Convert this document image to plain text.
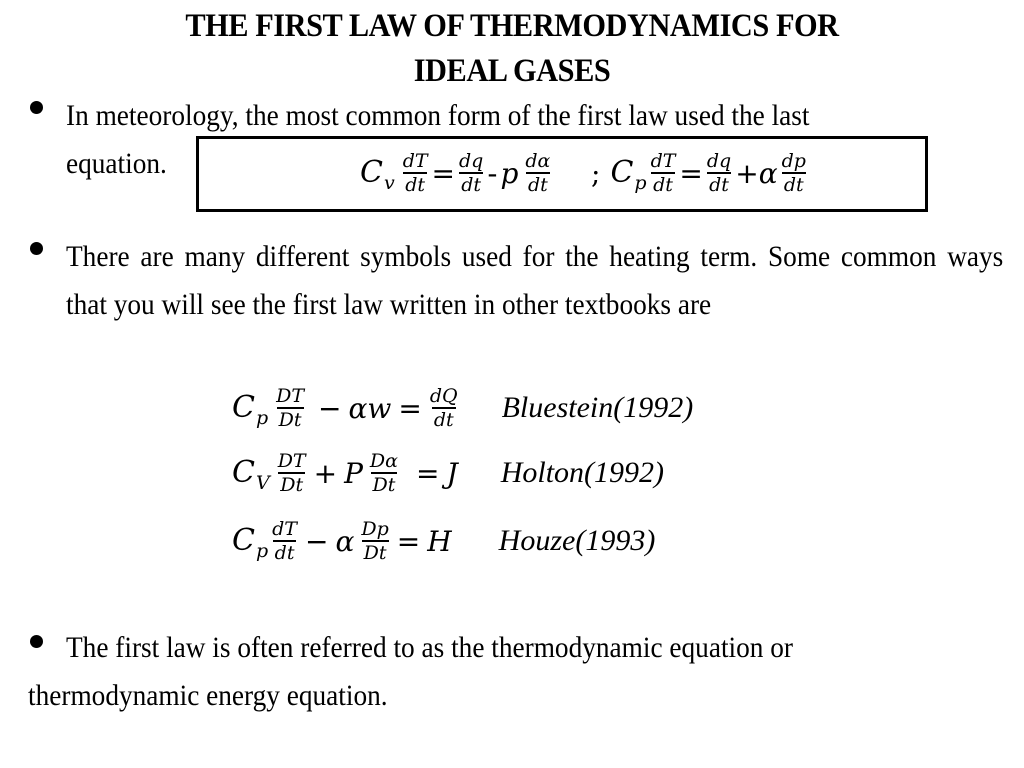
THE FIRST LAW OF THERMODYNAMICS FOR
IDEAL GASES
In meteorology, the most common form of the first law used the last
equation.	C v $\frac{dT}{dt} = \frac{dq}{dt} - p \frac{d\alpha}{dt}$ ; C p $\frac{dT}{dt} = \frac{dq}{dt} + \alpha \frac{dp}{dt}$
There are many different symbols used for the heating term. Some common ways that you will see the first law written in other textbooks are
C p $\frac{DT}{Dt} - \alpha w = \frac{dQ}{dt}$ Bluestein(1992)
C V $\frac{DT}{Dt} + P \frac{D\alpha}{Dt} = J$ Holton(1992)
C p $\frac{dT}{dt} - \alpha \frac{Dp}{Dt} = H$ Houze(1993)
The first law is often referred to as the thermodynamic equation or
thermodynamic energy equation.
